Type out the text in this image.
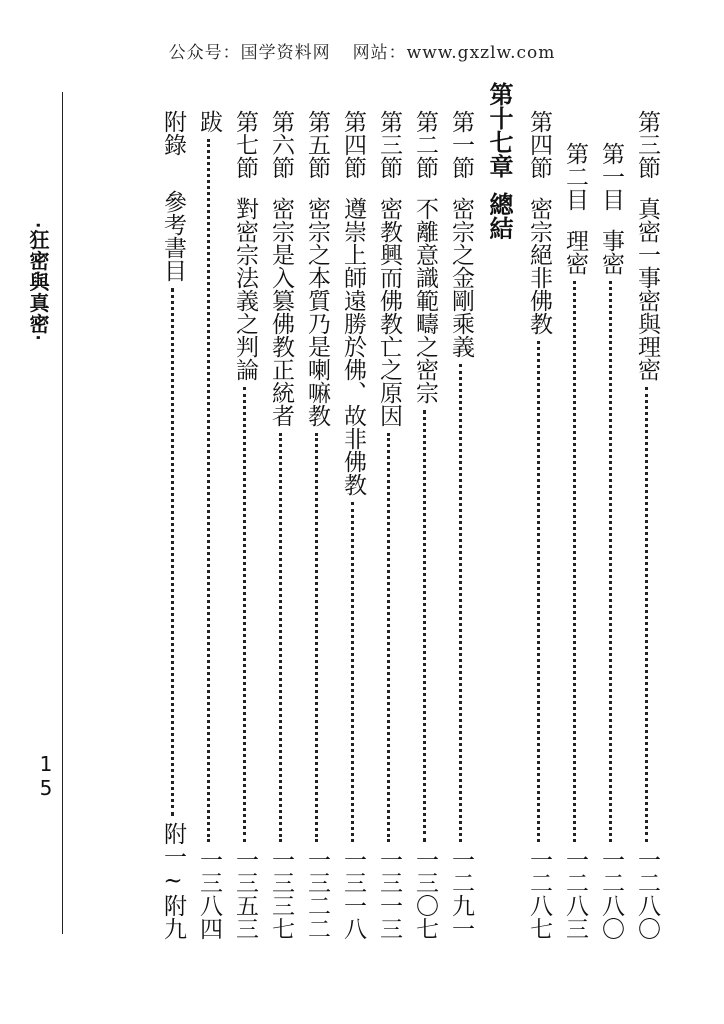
公众号：国学资料网 网站：www.gxzlw.com
‧狂密與真密‧
15
第三節
真密一事密與理密
一二八〇
第一目
事密
一二八〇
第二目
理密
一二八三
第四節
密宗絕非佛教
一二八七
第十七章總結
第一節
密宗之金剛乘義
一二九一
第二節
不離意識範疇之密宗
一三〇七
第三節
密教興而佛教亡之原因
一三一三
第四節
遵崇上師遠勝於佛、故非佛教
一三一八
第五節
密宗之本質乃是喇嘛教
一三二二
第六節
密宗是入篡佛教正統者
一三三七
第七節
對密宗法義之判論
一三五三
跋
一三八四
附錄
參考書目
附一~附九
